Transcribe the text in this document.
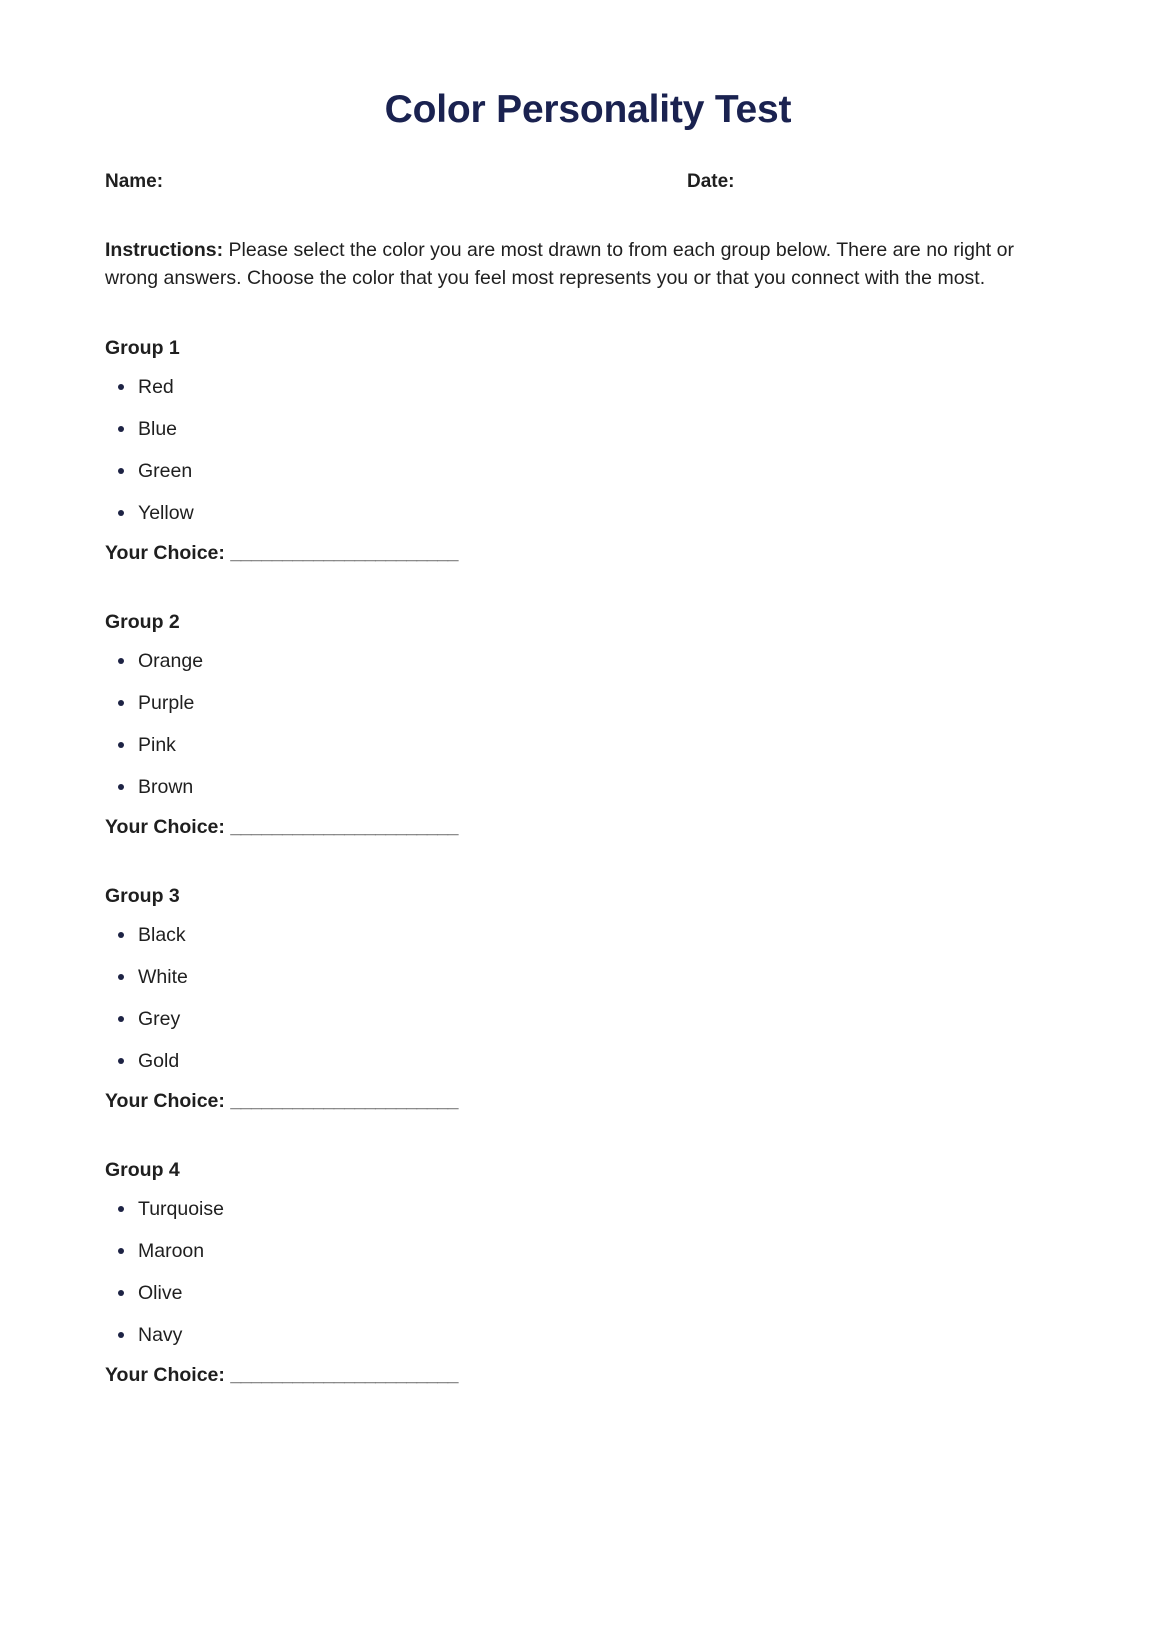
Color Personality Test
Name:	Date:

Instructions: Please select the color you are most drawn to from each group below. There are no right or wrong answers. Choose the color that you feel most represents you or that you connect with the most.

Group 1
Red
Blue
Green
Yellow
Your Choice: ______________________
Group 2
Orange
Purple
Pink
Brown
Your Choice: ______________________
Group 3
Black
White
Grey
Gold
Your Choice: ______________________
Group 4
Turquoise
Maroon
Olive
Navy
Your Choice: ______________________
